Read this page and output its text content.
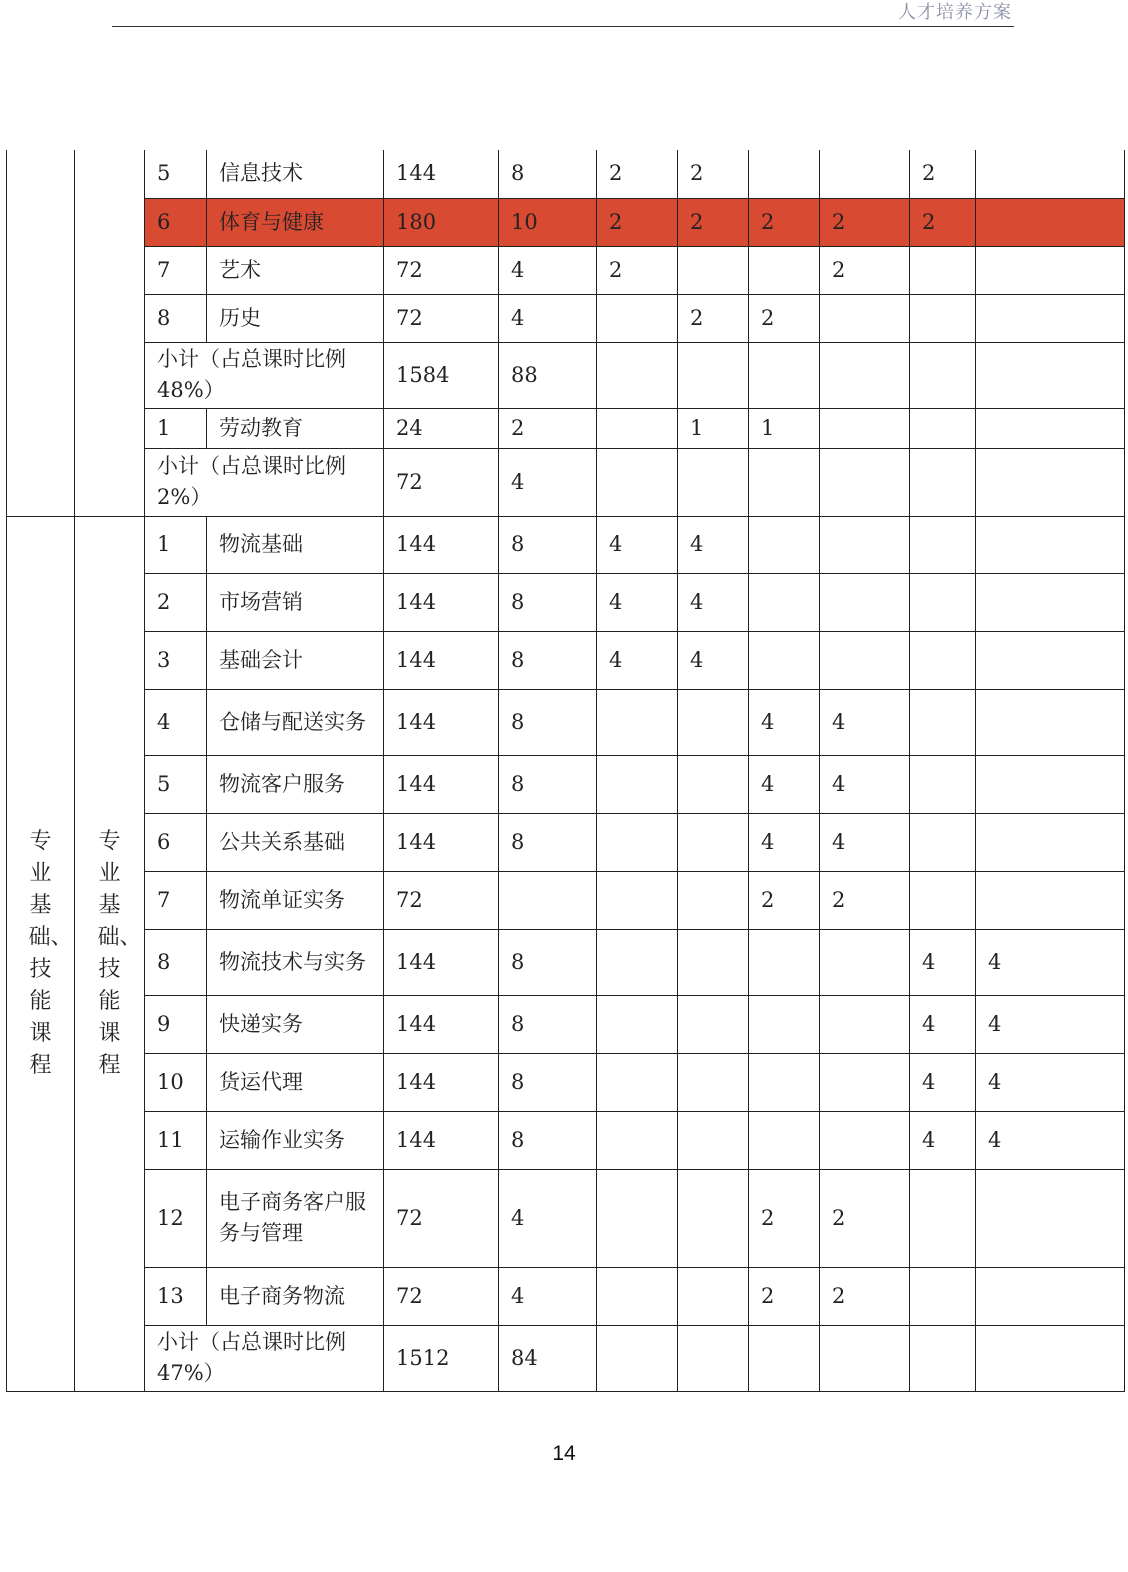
人才培养方案
		5	信息技术	144	8	2	2			2	
		6	体育与健康	180	10	2	2	2	2	2	
		7	艺术	72	4	2			2		
		8	历史	72	4		2	2			
		小计（占总课时比例 48%）		1584	88						
		1	劳动教育	24	2		1	1			
		小计（占总课时比例 2%）		72	4						
专业基础、技能课程	专业基础、技能课程	1	物流基础	144	8	4	4				
		2	市场营销	144	8	4	4				
		3	基础会计	144	8	4	4				
		4	仓储与配送实务	144	8			4	4		
		5	物流客户服务	144	8			4	4		
		6	公共关系基础	144	8			4	4		
		7	物流单证实务	72				2	2		
		8	物流技术与实务	144	8					4	4
		9	快递实务	144	8					4	4
		10	货运代理	144	8					4	4
		11	运输作业实务	144	8					4	4
		12	电子商务客户服务与管理	72	4			2	2		
		13	电子商务物流	72	4			2	2		
		小计（占总课时比例 47%）		1512	84						
14
